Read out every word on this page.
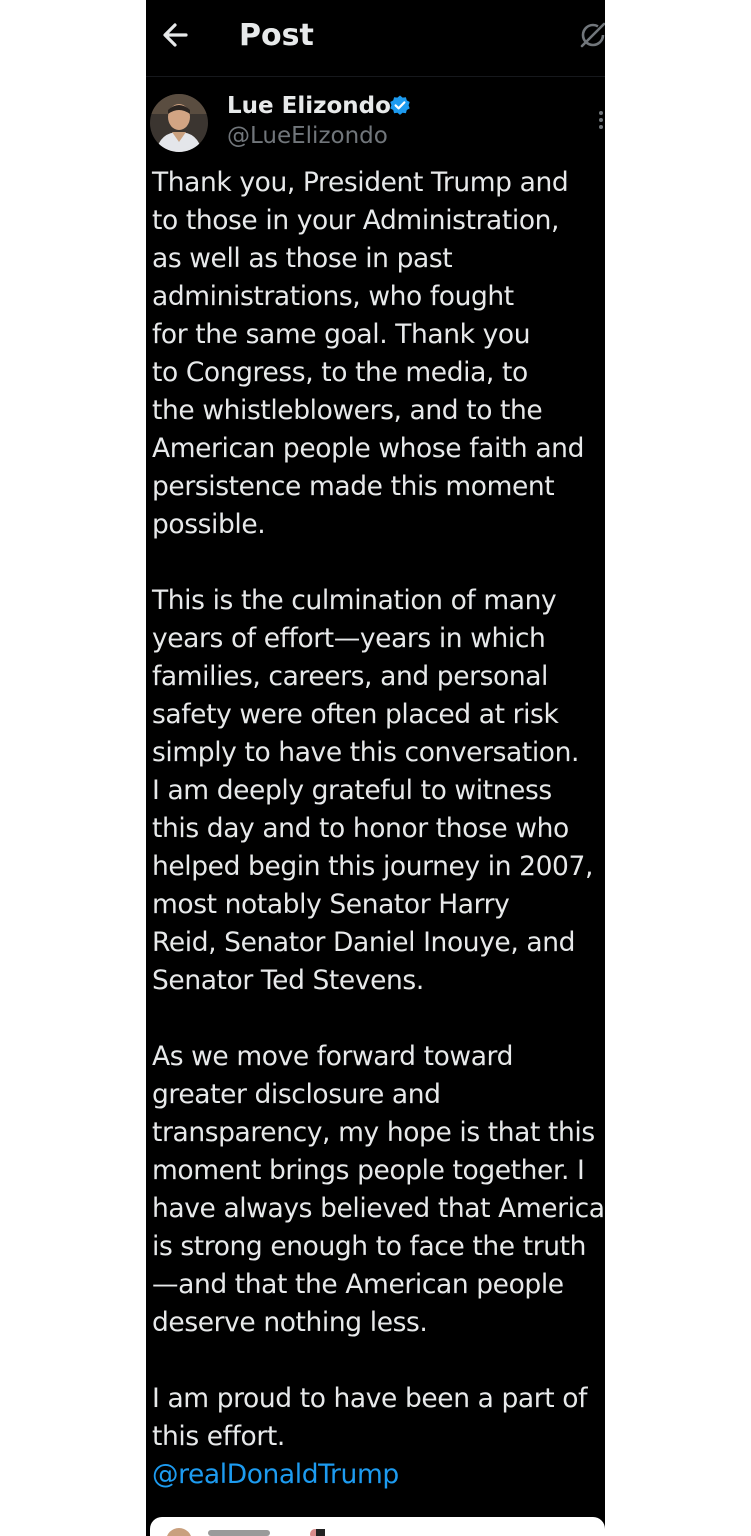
Post
Lue Elizondo
@LueElizondo
Thank you, President Trump and
to those in your Administration,
as well as those in past
administrations, who fought
for the same goal. Thank you
to Congress, to the media, to
the whistleblowers, and to the
American people whose faith and
persistence made this moment
possible.
This is the culmination of many
years of effort—years in which
families, careers, and personal
safety were often placed at risk
simply to have this conversation.
I am deeply grateful to witness
this day and to honor those who
helped begin this journey in 2007,
most notably Senator Harry
Reid, Senator Daniel Inouye, and
Senator Ted Stevens.
As we move forward toward
greater disclosure and
transparency, my hope is that this
moment brings people together. I
have always believed that America
is strong enough to face the truth
—and that the American people
deserve nothing less.
I am proud to have been a part of
this effort.
@realDonaldTrump
